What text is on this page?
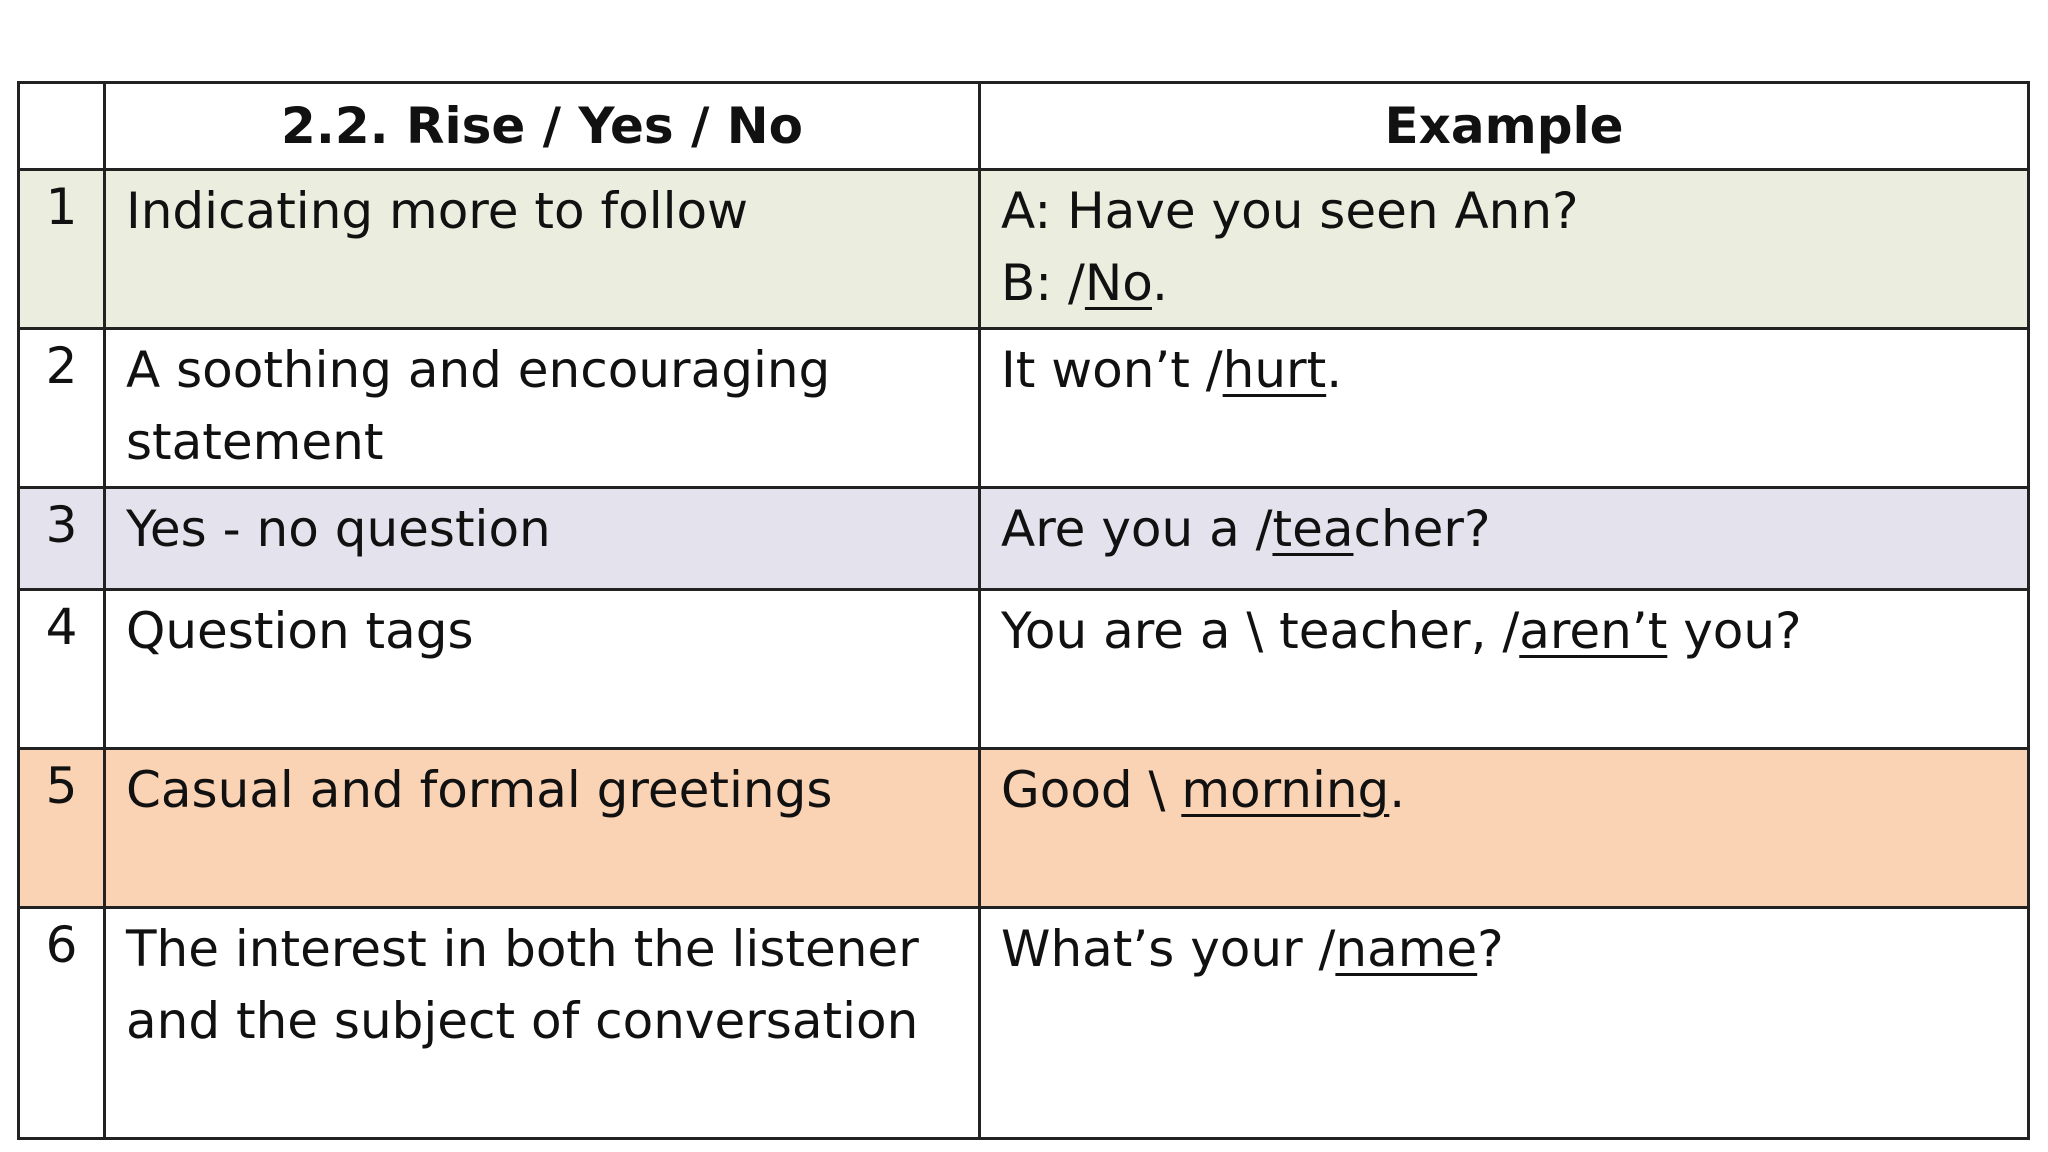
	2.2. Rise / Yes / No	Example
1	Indicating more to follow	A: Have you seen Ann?
B: /No.

2	A soothing and encouraging statement	It won’t /hurt.
3	Yes - no question	Are you a /teacher?
4	Question tags	You are a \ teacher, /aren’t you?
5	Casual and formal greetings	Good \ morning.
6	The interest in both the listener and the subject of conversation	What’s your /name?
